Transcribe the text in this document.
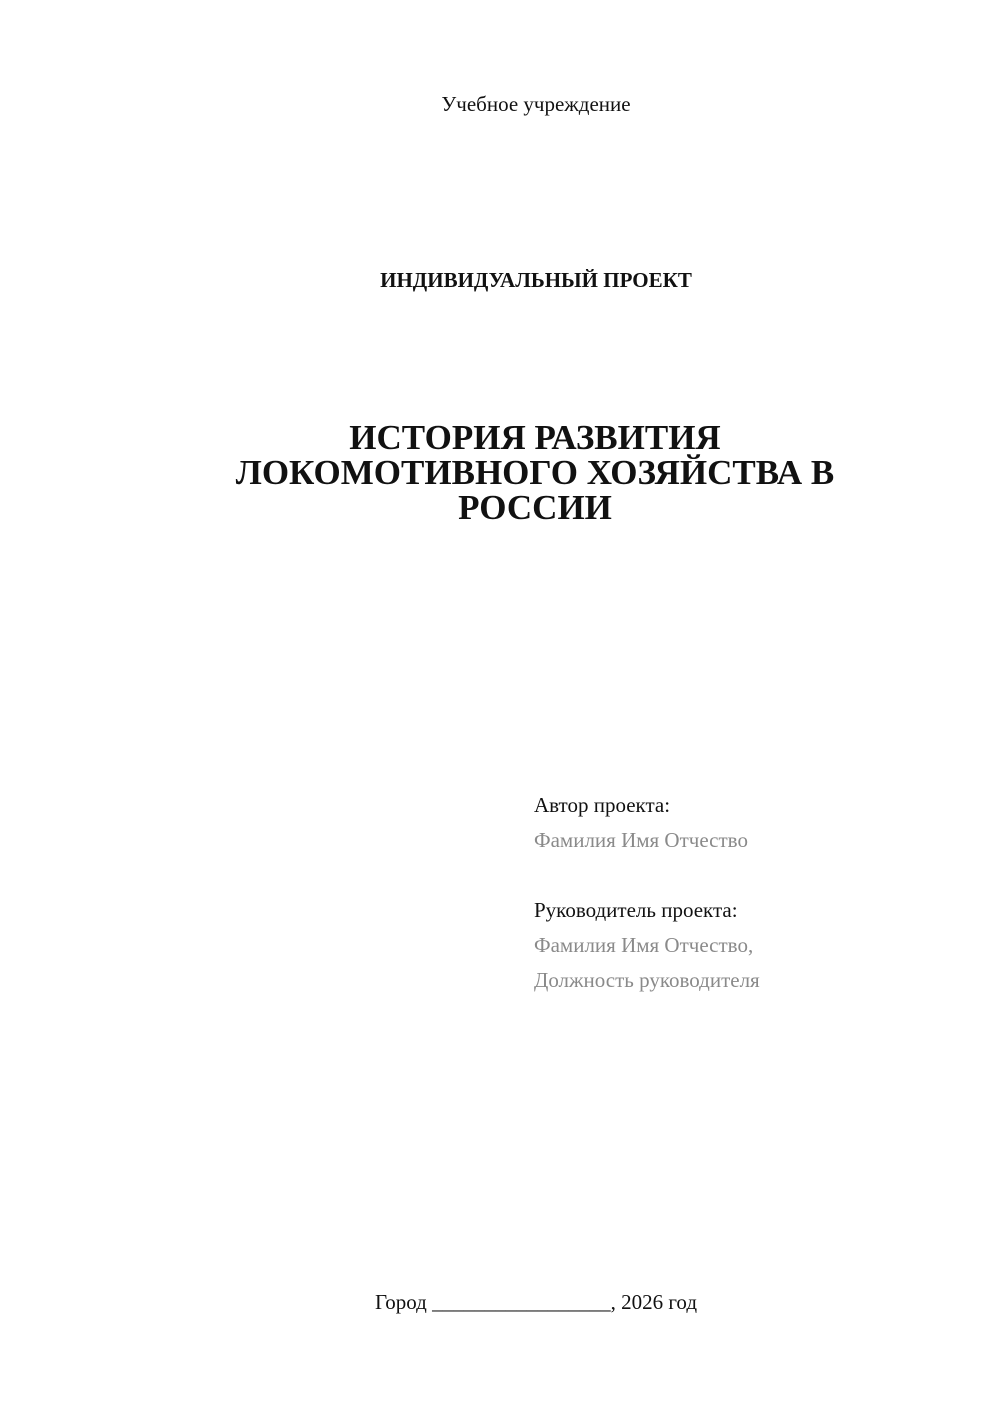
Учебное учреждение
ИНДИВИДУАЛЬНЫЙ ПРОЕКТ
ИСТОРИЯ РАЗВИТИЯ
ЛОКОМОТИВНОГО ХОЗЯЙСТВА В
РОССИИ
Автор проекта:
Фамилия Имя Отчество
Руководитель проекта:
Фамилия Имя Отчество,
Должность руководителя
Город _________________, 2026 год
